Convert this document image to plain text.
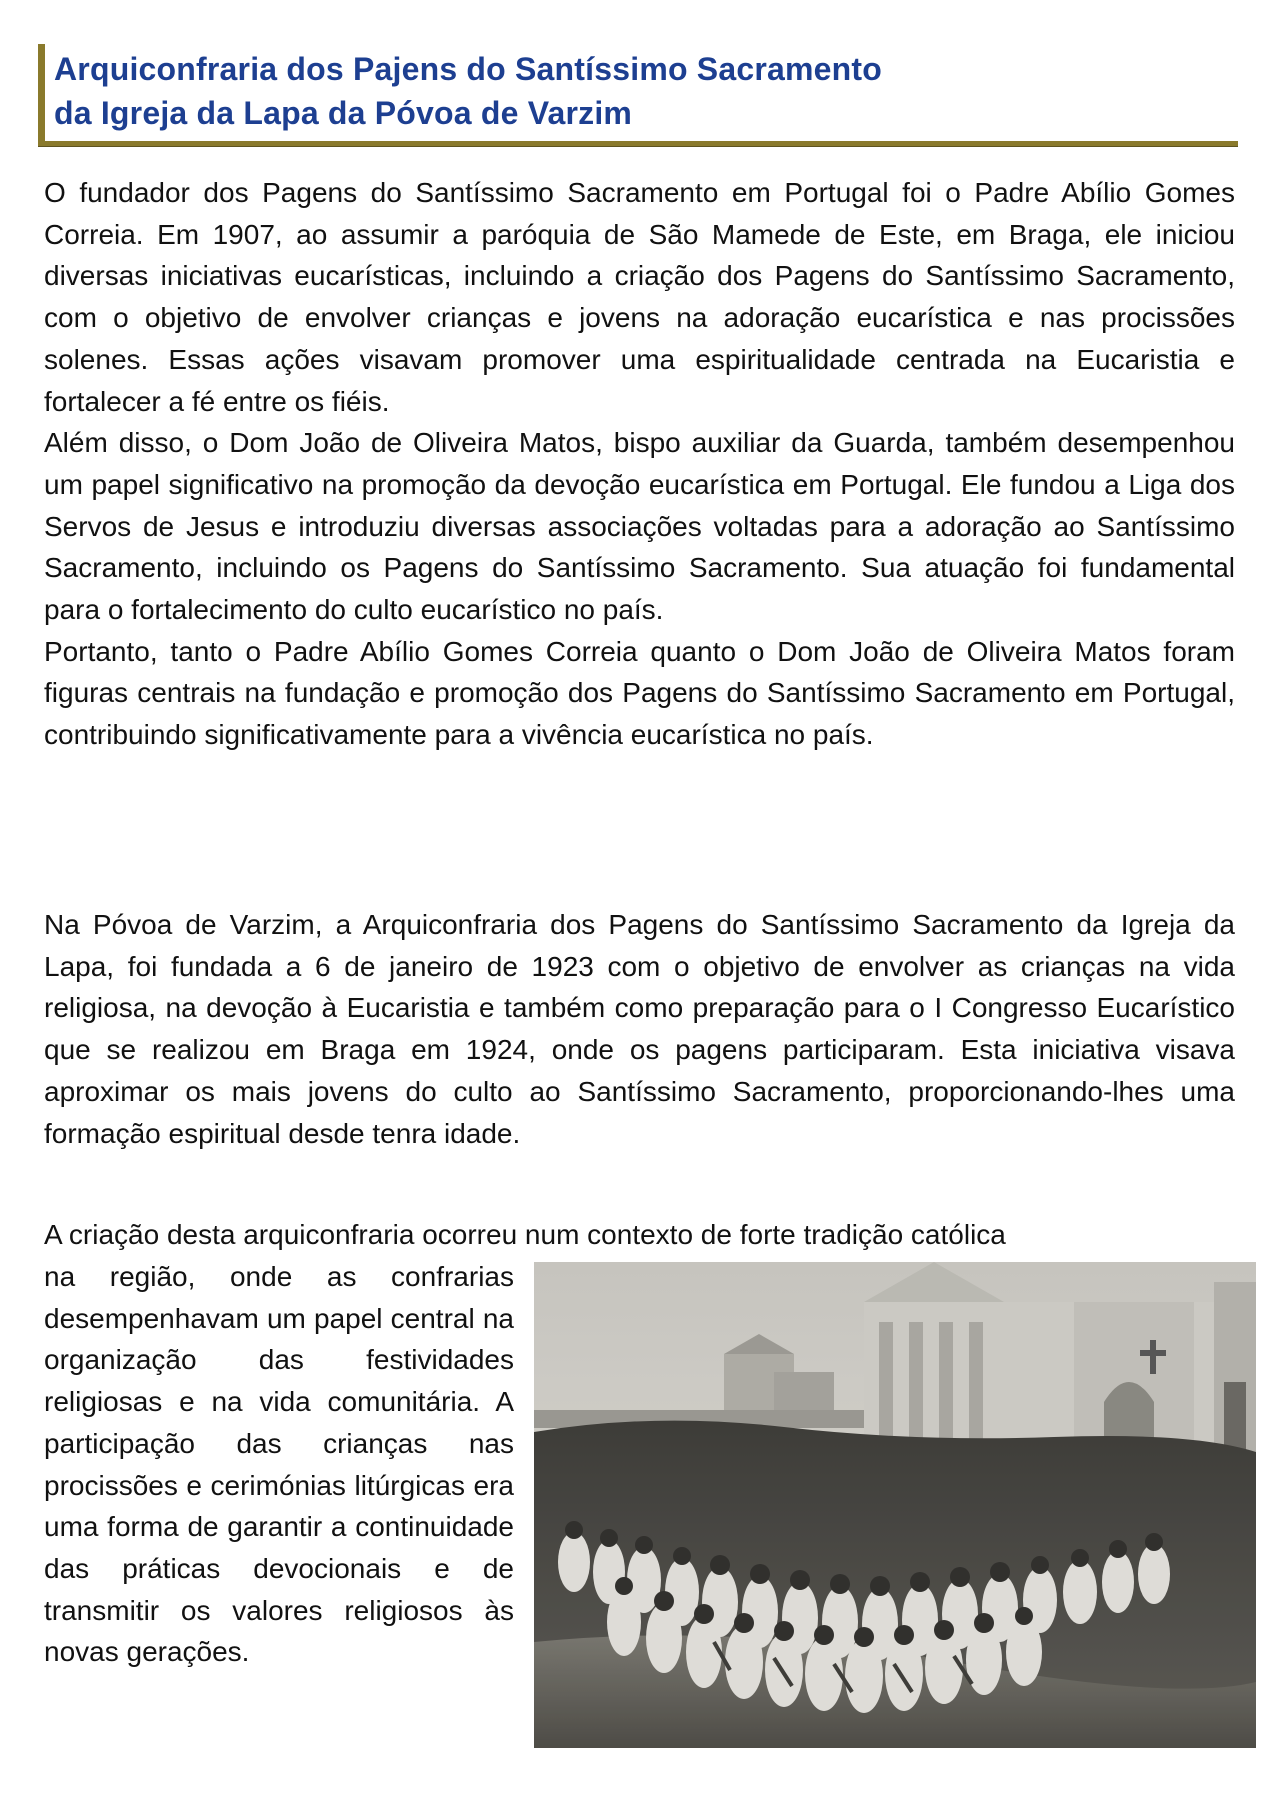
Arquiconfraria dos Pajens do Santíssimo Sacramento
da Igreja da Lapa da Póvoa de Varzim

O fundador dos Pagens do Santíssimo Sacramento em Portugal foi o Padre Abílio Gomes Correia. Em 1907, ao assumir a paróquia de São Mamede de Este, em Braga, ele iniciou diversas iniciativas eucarísticas, incluindo a criação dos Pagens do Santíssimo Sacramento, com o objetivo de envolver crianças e jovens na adoração eucarística e nas procissões solenes. Essas ações visavam promover uma espiritualidade centrada na Eucaristia e fortalecer a fé entre os fiéis.

Além disso, o Dom João de Oliveira Matos, bispo auxiliar da Guarda, também desempenhou um papel significativo na promoção da devoção eucarística em Portugal. Ele fundou a Liga dos Servos de Jesus e introduziu diversas associações voltadas para a adoração ao Santíssimo Sacramento, incluindo os Pagens do Santíssimo Sacramento. Sua atuação foi fundamental para o fortalecimento do culto eucarístico no país.

Portanto, tanto o Padre Abílio Gomes Correia quanto o Dom João de Oliveira Matos foram figuras centrais na fundação e promoção dos Pagens do Santíssimo Sacramento em Portugal, contribuindo significativamente para a vivência eucarística no país.

Na Póvoa de Varzim, a Arquiconfraria dos Pagens do Santíssimo Sacramento da Igreja da Lapa, foi fundada a 6 de janeiro de 1923 com o objetivo de envolver as crianças na vida religiosa, na devoção à Eucaristia e também como preparação para o I Congresso Eucarístico que se realizou em Braga em 1924, onde os pagens participaram. Esta iniciativa visava aproximar os mais jovens do culto ao Santíssimo Sacramento, proporcionando-lhes uma formação espiritual desde tenra idade.

A criação desta arquiconfraria ocorreu num contexto de forte tradição católica

na região, onde as confrarias desempenhavam um papel central na organização das festividades religiosas e na vida comunitária. A participação das crianças nas procissões e cerimónias litúrgicas era uma forma de garantir a continuidade das práticas devocionais e de transmitir os valores religiosos às novas gerações.
